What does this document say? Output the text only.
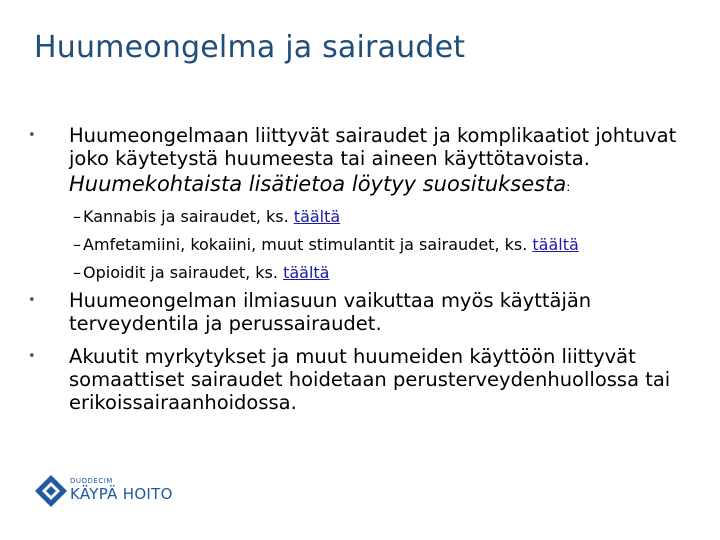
Huumeongelma ja sairaudet
• Huumeongelmaan liittyvät sairaudet ja komplikaatiot johtuvat joko käytetystä huumeesta tai aineen käyttötavoista.
Huumekohtaista lisätietoa löytyy suosituksesta:
– Kannabis ja sairaudet, ks. täältä
– Amfetamiini, kokaiini, muut stimulantit ja sairaudet, ks. täältä
– Opioidit ja sairaudet, ks. täältä
• Huumeongelman ilmiasuun vaikuttaa myös käyttäjän terveydentila ja perussairaudet.
• Akuutit myrkytykset ja muut huumeiden käyttöön liittyvät somaattiset sairaudet hoidetaan perusterveydenhuollossa tai erikoissairaanhoidossa.
DUODECIM
KÄYPÄ HOITO
